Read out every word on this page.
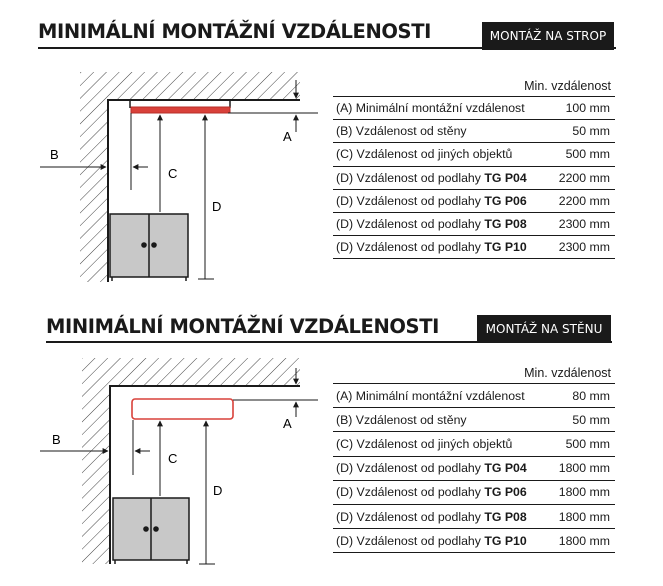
MINIMÁLNÍ MONTÁŽNÍ VZDÁLENOSTI	MONTÁŽ NA STROP
A
B
C
D
Min. vzdálenost
(A) Minimální montážní vzdálenost	100 mm
(B) Vzdálenost od stěny	50 mm
(C) Vzdálenost od jiných objektů	500 mm
(D) Vzdálenost od podlahy TG P04	2200 mm
(D) Vzdálenost od podlahy TG P06	2200 mm
(D) Vzdálenost od podlahy TG P08	2300 mm
(D) Vzdálenost od podlahy TG P10	2300 mm
MINIMÁLNÍ MONTÁŽNÍ VZDÁLENOSTI	MONTÁŽ NA STĚNU
A
B
C
D
Min. vzdálenost
(A) Minimální montážní vzdálenost	80 mm
(B) Vzdálenost od stěny	50 mm
(C) Vzdálenost od jiných objektů	500 mm
(D) Vzdálenost od podlahy TG P04	1800 mm
(D) Vzdálenost od podlahy TG P06	1800 mm
(D) Vzdálenost od podlahy TG P08	1800 mm
(D) Vzdálenost od podlahy TG P10	1800 mm
